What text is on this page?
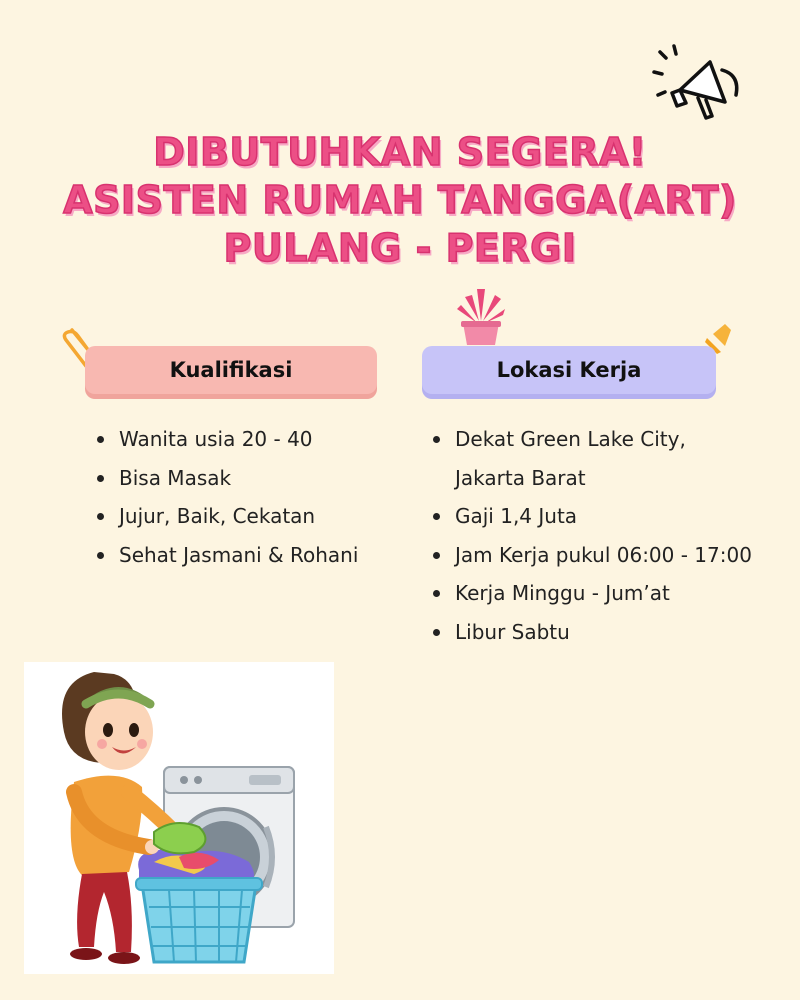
DIBUTUHKAN SEGERA!
ASISTEN RUMAH TANGGA(ART)
PULANG - PERGI
Kualifikasi	Lokasi Kerja
Wanita usia 20 - 40
Bisa Masak
Jujur, Baik, Cekatan
Sehat Jasmani & Rohani
Dekat Green Lake City,
Jakarta Barat
Gaji 1,4 Juta
Jam Kerja pukul 06:00 - 17:00
Kerja Minggu - Jum’at
Libur Sabtu
